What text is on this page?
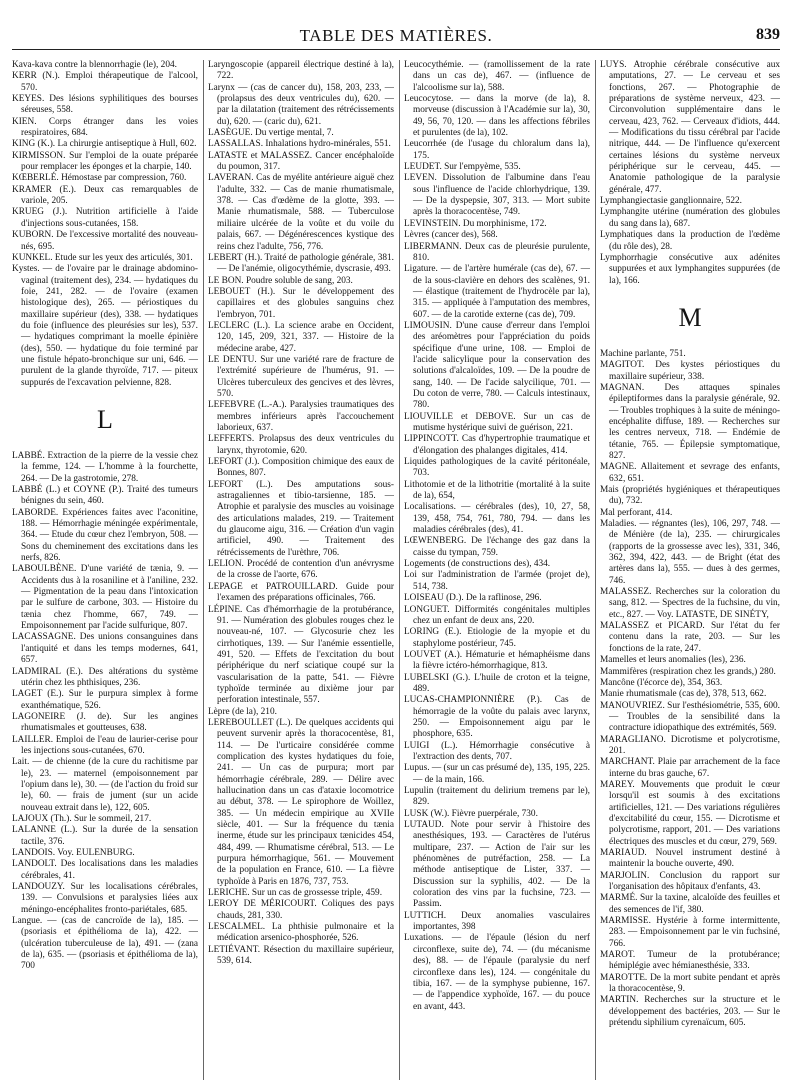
TABLE DES MATIÈRES.	839

Kava-kava contre la blennorrhagie (le), 204.

KERR (N.). Emploi thérapeutique de l'alcool, 570.

KEYES. Des lésions syphilitiques des bourses séreuses, 558.

KIEN. Corps étranger dans les voies respiratoires, 684.

KING (K.). La chirurgie antiseptique à Hull, 602.

KIRMISSON. Sur l'emploi de la ouate préparée pour remplacer les éponges et la charpie, 140.

KŒBERLÉ. Hémostase par compression, 760.

KRAMER (E.). Deux cas remarquables de variole, 205.

KRUEG (J.). Nutrition artificielle à l'aide d'injections sous-cutanées, 158.

KUBORN. De l'excessive mortalité des nouveau-nés, 695.

KUNKEL. Etude sur les yeux des articulés, 301.

Kystes. — de l'ovaire par le drainage abdomino-vaginal (traitement des), 234. — hydatiques du foie, 241, 282. — de l'ovaire (examen histologique des), 265. — périostiques du maxillaire supérieur (des), 338. — hydatiques du foie (influence des pleurésies sur les), 537. — hydatiques comprimant la moelle épinière (des), 550. — hydatique du foie terminé par une fistule hépato-bronchique sur uni, 646. — purulent de la glande thyroïde, 717. — piteux suppurés de l'excavation pelvienne, 828.

L

LABBÉ. Extraction de la pierre de la vessie chez la femme, 124. — L'homme à la fourchette, 264. — De la gastrotomie, 278.

LABBÉ (L.) et COYNE (P.). Traité des tumeurs bénignes du sein, 460.

LABORDE. Expériences faites avec l'aconitine, 188. — Hémorrhagie méningée expérimentale, 364. — Etude du cœur chez l'embryon, 508. — Sons du cheminement des excitations dans les nerfs, 826.

LABOULBÈNE. D'une variété de tænia, 9. — Accidents dus à la rosaniline et à l'aniline, 232. — Pigmentation de la peau dans l'intoxication par le sulfure de carbone, 303. — Histoire du tænia chez l'homme, 667, 749. — Empoisonnement par l'acide sulfurique, 807.

LACASSAGNE. Des unions consanguines dans l'antiquité et dans les temps modernes, 641, 657.

LADMIRAL (E.). Des altérations du système utérin chez les phthisiques, 236.

LAGET (E.). Sur le purpura simplex à forme exanthématique, 526.

LAGONEIRE (J. de). Sur les angines rhumatismales et goutteuses, 638.

LAILLER. Emploi de l'eau de laurier-cerise pour les injections sous-cutanées, 670.

Lait. — de chienne (de la cure du rachitisme par le), 23. — maternel (empoisonnement par l'opium dans le), 30. — (de l'action du froid sur le), 60. — frais de jument (sur un acide nouveau extrait dans le), 122, 605.

LAJOUX (Th.). Sur le sommeil, 217.

LALANNE (L.). Sur la durée de la sensation tactile, 376.

LANDOIS. Voy. EULENBURG.

LANDOLT. Des localisations dans les maladies cérébrales, 41.

LANDOUZY. Sur les localisations cérébrales, 139. — Convulsions et paralysies liées aux méningo-encéphalites fronto-pariétales, 685.

Langue. — (cas de cancroïde de la), 185. — (psoriasis et épithélioma de la), 422. — (ulcération tuberculeuse de la), 491. — (zana de la), 635. — (psoriasis et épithélioma de la), 700

Laryngoscopie (appareil électrique destiné à la), 722.

Larynx — (cas de cancer du), 158, 203, 233, — (prolapsus des deux ventricules du), 620. — par la dilatation (traitement des rétrécissements du), 620. — (caric du), 621.

LASÈGUE. Du vertige mental, 7.

LASSALLAS. Inhalations hydro-minérales, 551.

LATASTE et MALASSEZ. Cancer encéphaloïde du poumon, 317.

LAVERAN. Cas de myélite antérieure aiguë chez l'adulte, 332. — Cas de manie rhumatismale, 378. — Cas d'œdème de la glotte, 393. — Manie rhumatismale, 588. — Tuberculose miliaire ulcérée de la voûte et du voile du palais, 667. — Dégénérescences kystique des reins chez l'adulte, 756, 776.

LEBERT (H.). Traité de pathologie générale, 381. — De l'anémie, oligocythémie, dyscrasie, 493.

LE BON. Poudre soluble de sang, 203.

LEBOUET (H.). Sur le développement des capillaires et des globules sanguins chez l'embryon, 701.

LECLERC (L.). La science arabe en Occident, 120, 145, 209, 321, 337. — Histoire de la médecine arabe, 427.

LE DENTU. Sur une variété rare de fracture de l'extrémité supérieure de l'humérus, 91. — Ulcères tuberculeux des gencives et des lèvres, 570.

LEFEBVRE (L.-A.). Paralysies traumatiques des membres inférieurs après l'accouchement laborieux, 637.

LEFFERTS. Prolapsus des deux ventricules du larynx, thyrotomie, 620.

LEFORT (J.). Composition chimique des eaux de Bonnes, 807.

LEFORT (L.). Des amputations sous-astragaliennes et tibio-tarsienne, 185. — Atrophie et paralysie des muscles au voisinage des articulations malades, 219. — Traitement du glaucome aigu, 316. — Création d'un vagin artificiel, 490. — Traitement des rétrécissements de l'urèthre, 706.

LELION. Procédé de contention d'un anévrysme de la crosse de l'aorte, 676.

LEPAGE et PATROUILLARD. Guide pour l'examen des préparations officinales, 766.

LÉPINE. Cas d'hémorrhagie de la protubérance, 91. — Numération des globules rouges chez le nouveau-né, 107. — Glycosurie chez les cirrhotiques, 139. — Sur l'anémie essentielle, 491, 520. — Effets de l'excitation du bout périphérique du nerf sciatique coupé sur la vascularisation de la patte, 541. — Fièvre typhoïde terminée au dixième jour par perforation intestinale, 557.

Lèpre (de la), 210.

LEREBOULLET (L.). De quelques accidents qui peuvent survenir après la thoracocentèse, 81, 114. — De l'urticaire considérée comme complication des kystes hydatiques du foie, 241. — Un cas de purpura; mort par hémorrhagie cérébrale, 289. — Délire avec hallucination dans un cas d'ataxie locomotrice au début, 378. — Le spirophore de Woillez, 385. — Un médecin empirique au XVIIe siècle, 401. — Sur la fréquence du tænia inerme, étude sur les principaux tænicides 454, 484, 499. — Rhumatisme cérébral, 513. — Le purpura hémorrhagique, 561. — Mouvement de la population en France, 610. — La fièvre typhoïde à Paris en 1876, 737, 753.

LERICHE. Sur un cas de grossesse triple, 459.

LEROY DE MÉRICOURT. Coliques des pays chauds, 281, 330.

LESCALMEL. La phthisie pulmonaire et la médication arsenico-phosphorée, 526.

LETIÉVANT. Résection du maxillaire supérieur, 539, 614.

Leucocythémie. — (ramollissement de la rate dans un cas de), 467. — (influence de l'alcoolisme sur la), 588.

Leucocytose. — dans la morve (de la), 8. morveuse (discussion à l'Académie sur la), 30, 49, 56, 70, 120. — dans les affections fébriles et purulentes (de la), 102.

Leucorrhée (de l'usage du chloralum dans la), 175.

LEUDET. Sur l'empyème, 535.

LEVEN. Dissolution de l'albumine dans l'eau sous l'influence de l'acide chlorhydrique, 139. — De la dyspepsie, 307, 313. — Mort subite après la thoracocentèse, 749.

LEVINSTEIN. Du morphinisme, 172.

Lèvres (cancer des), 568.

LIBERMANN. Deux cas de pleurésie purulente, 810.

Ligature. — de l'artère humérale (cas de), 67. — de la sous-clavière en dehors des scalènes, 91. — élastique (traitement de l'hydrocèle par la), 315. — appliquée à l'amputation des membres, 607. — de la carotide externe (cas de), 709.

LIMOUSIN. D'une cause d'erreur dans l'emploi des aréomètres pour l'appréciation du poids spécifique d'une urine, 108. — Emploi de l'acide salicylique pour la conservation des solutions d'alcaloïdes, 109. — De la poudre de sang, 140. — De l'acide salycilique, 701. — Du coton de verre, 780. — Calculs intestinaux, 780.

LIOUVILLE et DEBOVE. Sur un cas de mutisme hystérique suivi de guérison, 221.

LIPPINCOTT. Cas d'hypertrophie traumatique et d'élongation des phalanges digitales, 414.

Liquides pathologiques de la cavité péritonéale, 703.

Lithotomie et de la lithotritie (mortalité à la suite de la), 654,

Localisations. — cérébrales (des), 10, 27, 58, 139, 458, 754, 761, 780, 794. — dans les maladies cérébrales (des), 41.

LŒWENBERG. De l'échange des gaz dans la caisse du tympan, 759.

Logements (de constructions des), 434.

Loi sur l'administration de l'armée (projet de), 514, 738.

LOISEAU (D.). De la raflinose, 296.

LONGUET. Difformités congénitales multiples chez un enfant de deux ans, 220.

LORING (E.). Etiologie de la myopie et du staphylome postérieur, 745.

LOUVET (A.). Hématurie et hémaphéisme dans la fièvre ictéro-hémorrhagique, 813.

LUBELSKI (G.). L'huile de croton et la teigne, 489.

LUCAS-CHAMPIONNIÈRE (P.). Cas de hémorragie de la voûte du palais avec larynx, 250. — Empoisonnement aigu par le phosphore, 635.

LUIGI (L.). Hémorrhagie consécutive à l'extraction des dents, 707.

Lupus. — (sur un cas présumé de), 135, 195, 225. — de la main, 166.

Lupulin (traitement du delirium tremens par le), 829.

LUSK (W.). Fièvre puerpérale, 730.

LUTAUD. Note pour servir à l'histoire des anesthésiques, 193. — Caractères de l'utérus multipare, 237. — Action de l'air sur les phénomènes de putréfaction, 258. — La méthode antiseptique de Lister, 337. — Discussion sur la syphilis, 402. — De la coloration des vins par la fuchsine, 723. — Passim.

LUTTICH. Deux anomalies vasculaires importantes, 398

Luxations. — de l'épaule (lésion du nerf circonflexe, suite de), 74. — (du mécanisme des), 88. — de l'épaule (paralysie du nerf circonflexe dans les), 124. — congénitale du tibia, 167. — de la symphyse pubienne, 167. — de l'appendice xyphoïde, 167. — du pouce en avant, 443.

LUYS. Atrophie cérébrale consécutive aux amputations, 27. — Le cerveau et ses fonctions, 267. — Photographie de préparations de système nerveux, 423. — Circonvolution supplémentaire dans le cerveau, 423, 762. — Cerveaux d'idiots, 444. — Modifications du tissu cérébral par l'acide nitrique, 444. — De l'influence qu'exercent certaines lésions du système nerveux périphérique sur le cerveau, 445. — Anatomie pathologique de la paralysie générale, 477.

Lymphangiectasie ganglionnaire, 522.

Lymphangite utérine (numération des globules du sang dans la), 687.

Lymphatiques dans la production de l'œdème (du rôle des), 28.

Lymphorrhagie consécutive aux adénites suppurées et aux lymphangites suppurées (de la), 166.

M

Machine parlante, 751.

MAGITOT. Des kystes périostiques du maxillaire supérieur, 338.

MAGNAN. Des attaques spinales épileptiformes dans la paralysie générale, 92. — Troubles trophiques à la suite de méningo-encéphalite diffuse, 189. — Recherches sur les centres nerveux, 718. — Endémie de tétanie, 765. — Épilepsie symptomatique, 827.

MAGNE. Allaitement et sevrage des enfants, 632, 651.

Mais (propriétés hygiéniques et thérapeutiques du), 732.

Mal perforant, 414.

Maladies. — régnantes (les), 106, 297, 748. — de Ménière (de la), 235. — chirurgicales (rapports de la grossesse avec les), 331, 346, 362, 394, 422, 443. — de Bright (état des artères dans la), 555. — dues à des germes, 746.

MALASSEZ. Recherches sur la coloration du sang, 812. — Spectres de la fuchsine, du vin, etc., 827. — Voy. LATASTE, DE SINÉTY,

MALASSEZ et PICARD. Sur l'état du fer contenu dans la rate, 203. — Sur les fonctions de la rate, 247.

Mamelles et leurs anomalies (les), 236.

Mammifères (respiration chez les grands,) 280.

Mancône (l'écorce de), 354, 363.

Manie rhumatismale (cas de), 378, 513, 662.

MANOUVRIEZ. Sur l'esthésiométrie, 535, 600. — Troubles de la sensibilité dans la contracture idiopathique des extrémités, 569.

MARAGLIANO. Dicrotisme et polycrotisme, 201.

MARCHANT. Plaie par arrachement de la face interne du bras gauche, 67.

MAREY. Mouvements que produit le cœur lorsqu'il est soumis à des excitations artificielles, 121. — Des variations régulières d'excitabilité du cœur, 155. — Dicrotisme et polycrotisme, rapport, 201. — Des variations électriques des muscles et du cœur, 279, 569.

MARIAUD. Nouvel instrument destiné à maintenir la bouche ouverte, 490.

MARJOLIN. Conclusion du rapport sur l'organisation des hôpitaux d'enfants, 43.

MARMÉ. Sur la taxine, alcaloïde des feuilles et des semences de l'if, 380.

MARMISSE. Hystérie à forme intermittente, 283. — Empoisonnement par le vin fuchsiné, 766.

MAROT. Tumeur de la protubérance; hémiplégie avec hémianesthésie, 333.

MAROTTE. De la mort subite pendant et après la thoracocentèse, 9.

MARTIN. Recherches sur la structure et le développement des bactéries, 203. — Sur le prétendu siphilium cyrenaïcum, 605.
